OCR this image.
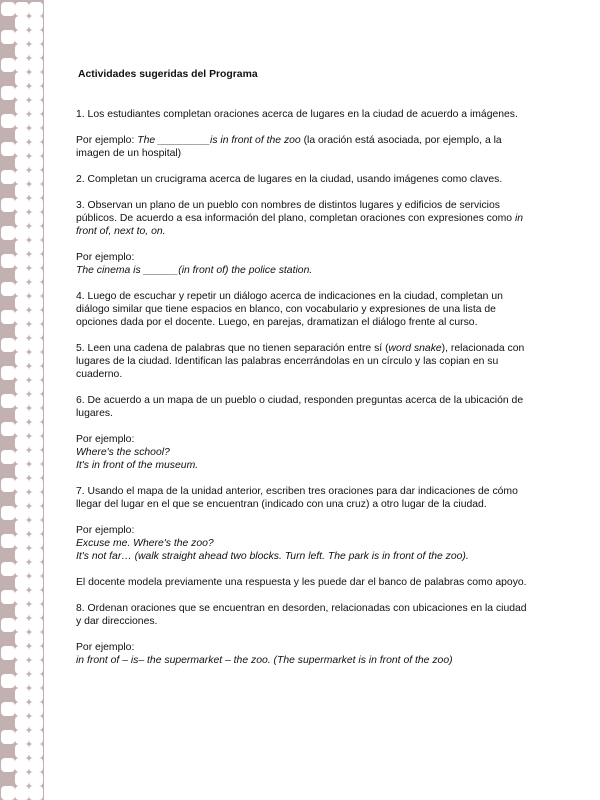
Actividades sugeridas del Programa

1. Los estudiantes completan oraciones acerca de lugares en la ciudad de acuerdo a imágenes.

Por ejemplo: The _________is in front of the zoo (la oración está asociada, por ejemplo, a la imagen de un hospital)

2. Completan un crucigrama acerca de lugares en la ciudad, usando imágenes como claves.

3. Observan un plano de un pueblo con nombres de distintos lugares y edificios de servicios públicos. De acuerdo a esa información del plano, completan oraciones con expresiones como in front of, next to, on.

Por ejemplo:
The cinema is ______(in front of) the police station.

4. Luego de escuchar y repetir un diálogo acerca de indicaciones en la ciudad, completan un diálogo similar que tiene espacios en blanco, con vocabulario y expresiones de una lista de opciones dada por el docente. Luego, en parejas, dramatizan el diálogo frente al curso.

5. Leen una cadena de palabras que no tienen separación entre sí (word snake), relacionada con lugares de la ciudad. Identifican las palabras encerrándolas en un círculo y las copian en su cuaderno.

6. De acuerdo a un mapa de un pueblo o ciudad, responden preguntas acerca de la ubicación de lugares.

Por ejemplo:
Where's the school?
It's in front of the museum.

7. Usando el mapa de la unidad anterior, escriben tres oraciones para dar indicaciones de cómo llegar del lugar en el que se encuentran (indicado con una cruz) a otro lugar de la ciudad.

Por ejemplo:
Excuse me. Where's the zoo?
It's not far… (walk straight ahead two blocks. Turn left. The park is in front of the zoo).

El docente modela previamente una respuesta y les puede dar el banco de palabras como apoyo.

8. Ordenan oraciones que se encuentran en desorden, relacionadas con ubicaciones en la ciudad y dar direcciones.

Por ejemplo:
in front of – is– the supermarket – the zoo. (The supermarket is in front of the zoo)
